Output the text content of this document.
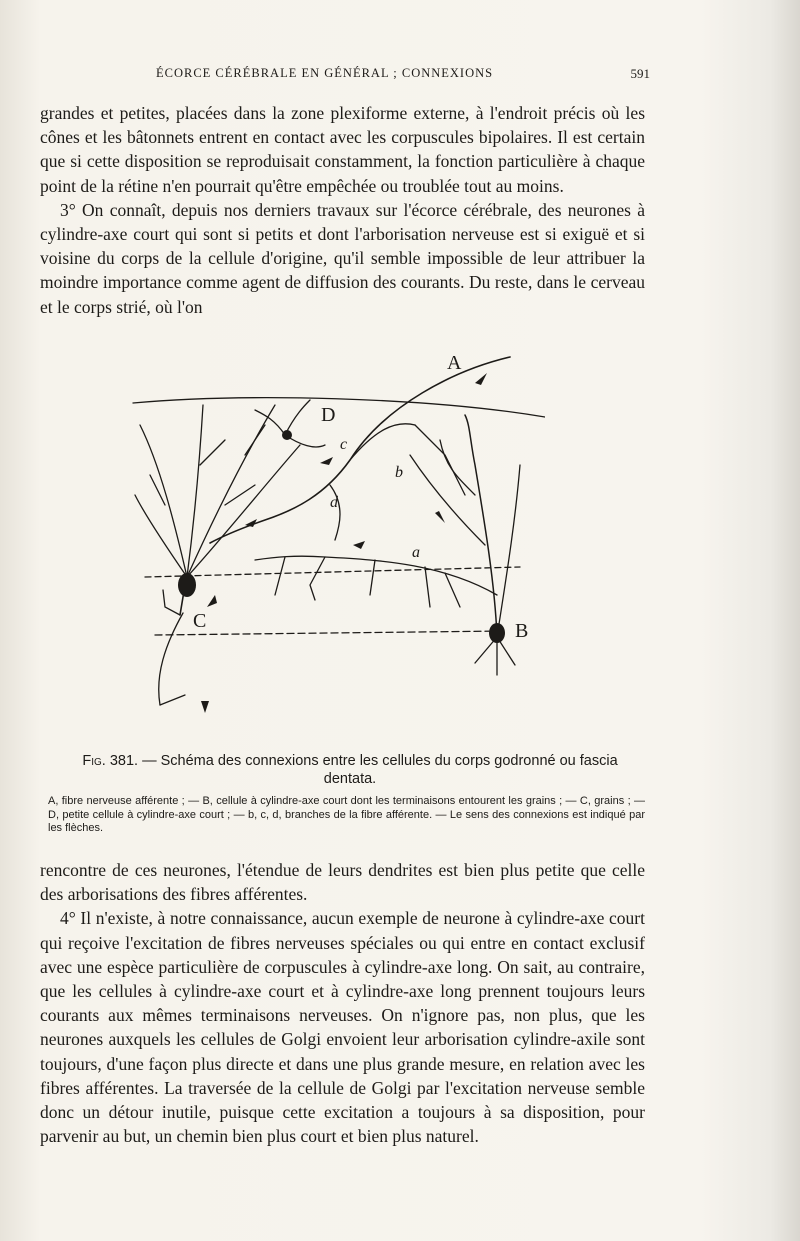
ÉCORCE CÉRÉBRALE EN GÉNÉRAL ; CONNEXIONS	591

grandes et petites, placées dans la zone plexiforme externe, à l'endroit précis où les cônes et les bâtonnets entrent en contact avec les corpuscules bipolaires. Il est certain que si cette disposition se reproduisait constamment, la fonction particulière à chaque point de la rétine n'en pourrait qu'être empêchée ou troublée tout au moins.

3° On connaît, depuis nos derniers travaux sur l'écorce cérébrale, des neurones à cylindre-axe court qui sont si petits et dont l'arborisation nerveuse est si exiguë et si voisine du corps de la cellule d'origine, qu'il semble impossible de leur attribuer la moindre importance comme agent de diffusion des courants. Du reste, dans le cerveau et le corps strié, où l'on

A
B
C
D
a
b
c
d
Fig. 381. — Schéma des connexions entre les cellules du corps godronné ou fascia dentata.
A, fibre nerveuse afférente ; — B, cellule à cylindre-axe court dont les terminaisons entourent les grains ; — C, grains ; — D, petite cellule à cylindre-axe court ; — b, c, d, branches de la fibre afférente. — Le sens des connexions est indiqué par les flèches.

rencontre de ces neurones, l'étendue de leurs dendrites est bien plus petite que celle des arborisations des fibres afférentes.

4° Il n'existe, à notre connaissance, aucun exemple de neurone à cylindre-axe court qui reçoive l'excitation de fibres nerveuses spéciales ou qui entre en contact exclusif avec une espèce particulière de corpuscules à cylindre-axe long. On sait, au contraire, que les cellules à cylindre-axe court et à cylindre-axe long prennent toujours leurs courants aux mêmes terminaisons nerveuses. On n'ignore pas, non plus, que les neurones auxquels les cellules de Golgi envoient leur arborisation cylindre-axile sont toujours, d'une façon plus directe et dans une plus grande mesure, en relation avec les fibres afférentes. La traversée de la cellule de Golgi par l'excitation nerveuse semble donc un détour inutile, puisque cette excitation a toujours à sa disposition, pour parvenir au but, un chemin bien plus court et bien plus naturel.
